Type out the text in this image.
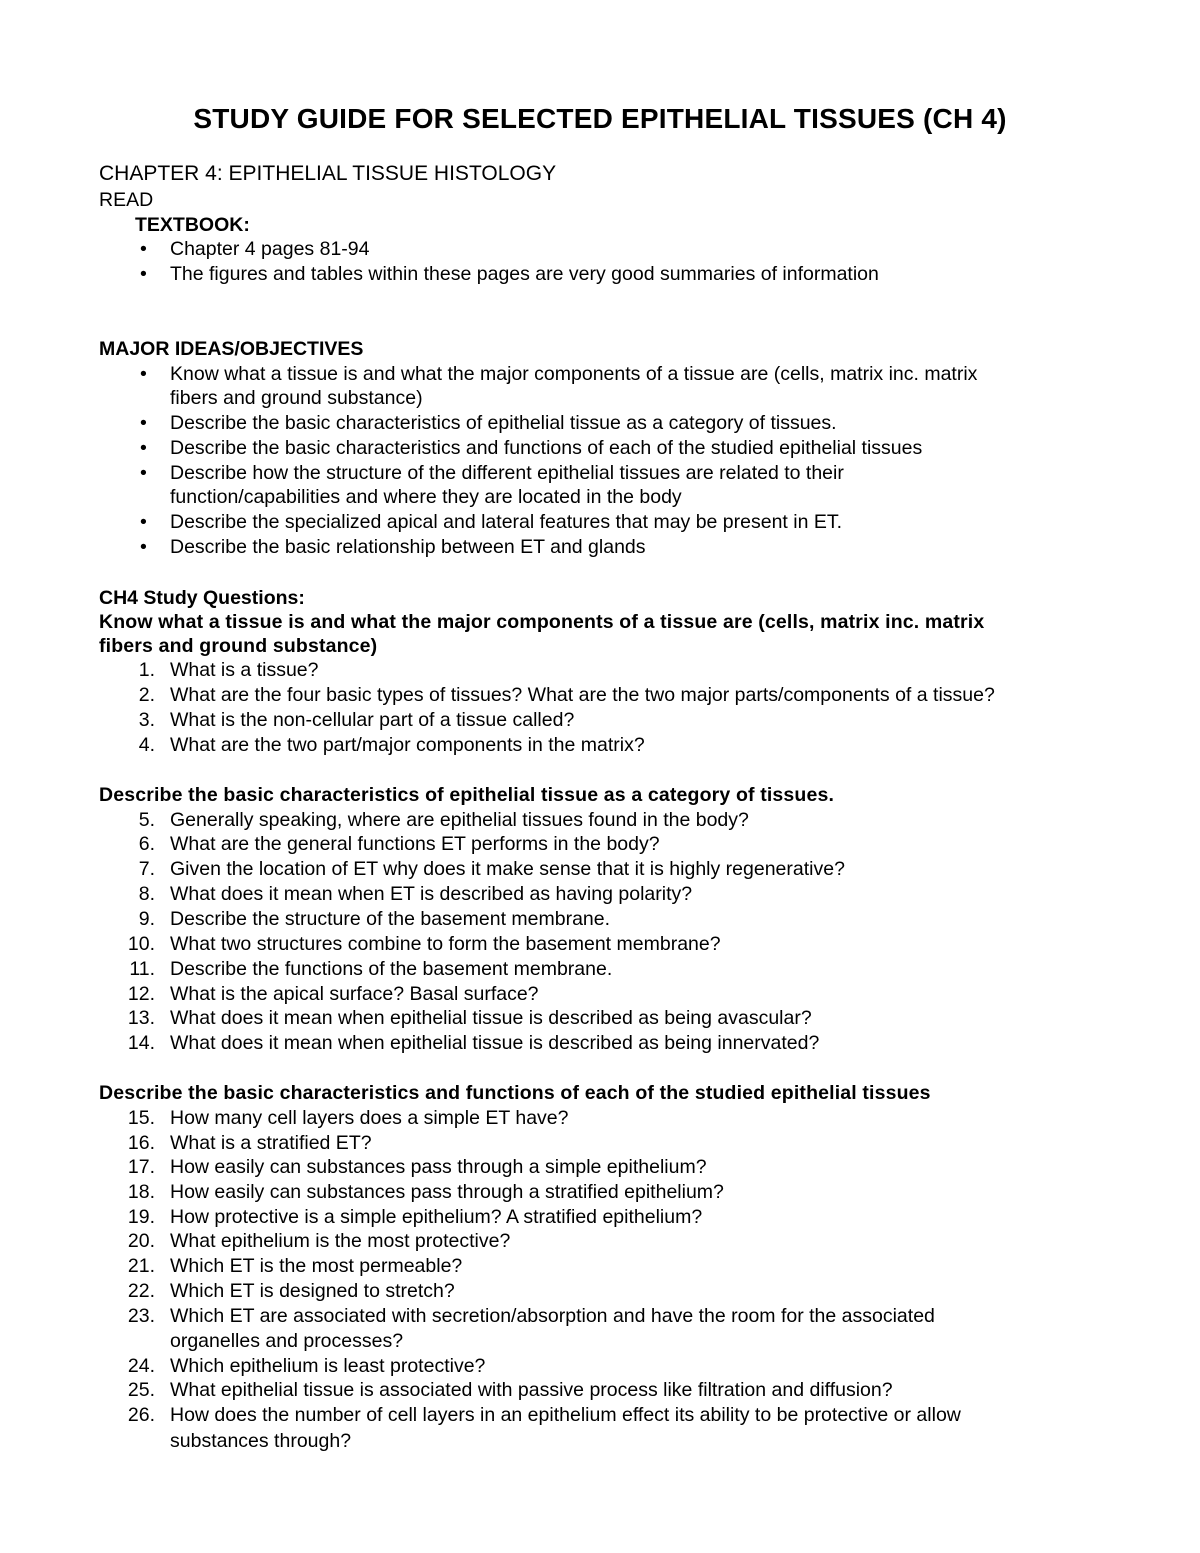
STUDY GUIDE FOR SELECTED EPITHELIAL TISSUES (CH 4)
CHAPTER 4: EPITHELIAL TISSUE HISTOLOGY
READ
TEXTBOOK:
•	Chapter 4 pages 81-94
•	The figures and tables within these pages are very good summaries of information
MAJOR IDEAS/OBJECTIVES
•	Know what a tissue is and what the major components of a tissue are (cells, matrix inc. matrix
fibers and ground substance)
•	Describe the basic characteristics of epithelial tissue as a category of tissues.
•	Describe the basic characteristics and functions of each of the studied epithelial tissues
•	Describe how the structure of the different epithelial tissues are related to their
function/capabilities and where they are located in the body
•	Describe the specialized apical and lateral features that may be present in ET.
•	Describe the basic relationship between ET and glands
CH4 Study Questions:
Know what a tissue is and what the major components of a tissue are (cells, matrix inc. matrix
fibers and ground substance)
1. What is a tissue?
2. What are the four basic types of tissues? What are the two major parts/components of a tissue?
3. What is the non-cellular part of a tissue called?
4. What are the two part/major components in the matrix?
5. Generally speaking, where are epithelial tissues found in the body?
6. What are the general functions ET performs in the body?
7. Given the location of ET why does it make sense that it is highly regenerative?
8. What does it mean when ET is described as having polarity?
9. Describe the structure of the basement membrane.
10. What two structures combine to form the basement membrane?
11. Describe the functions of the basement membrane.
12. What is the apical surface? Basal surface?
13. What does it mean when epithelial tissue is described as being avascular?
14. What does it mean when epithelial tissue is described as being innervated?
15. How many cell layers does a simple ET have?
16. What is a stratified ET?
17. How easily can substances pass through a simple epithelium?
18. How easily can substances pass through a stratified epithelium?
19. How protective is a simple epithelium? A stratified epithelium?
20. What epithelium is the most protective?
21. Which ET is the most permeable?
22. Which ET is designed to stretch?
23. Which ET are associated with secretion/absorption and have the room for the associated
24. Which epithelium is least protective?
25. What epithelial tissue is associated with passive process like filtration and diffusion?
26. How does the number of cell layers in an epithelium effect its ability to be protective or allow
Describe the basic characteristics of epithelial tissue as a category of tissues.
Describe the basic characteristics and functions of each of the studied epithelial tissues
organelles and processes?
substances through?
